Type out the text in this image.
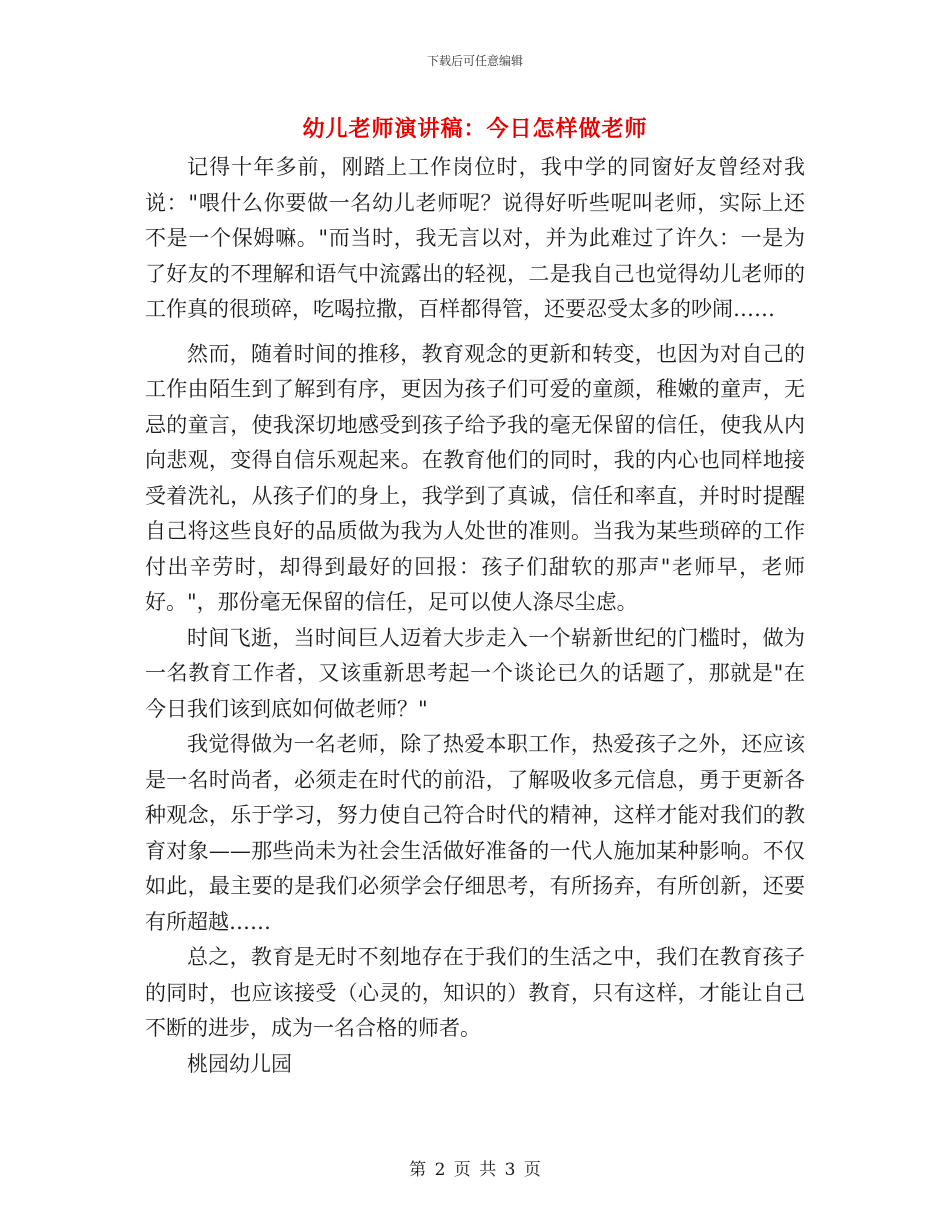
下载后可任意编辑
幼儿老师演讲稿：今日怎样做老师

记得十年多前，刚踏上工作岗位时，我中学的同窗好友曾经对我说："喂什么你要做一名幼儿老师呢？说得好听些呢叫老师，实际上还不是一个保姆嘛。"而当时，我无言以对，并为此难过了许久：一是为了好友的不理解和语气中流露出的轻视，二是我自己也觉得幼儿老师的工作真的很琐碎，吃喝拉撒，百样都得管，还要忍受太多的吵闹……

然而，随着时间的推移，教育观念的更新和转变，也因为对自己的工作由陌生到了解到有序，更因为孩子们可爱的童颜，稚嫩的童声，无忌的童言，使我深切地感受到孩子给予我的毫无保留的信任，使我从内向悲观，变得自信乐观起来。在教育他们的同时，我的内心也同样地接受着洗礼，从孩子们的身上，我学到了真诚，信任和率直，并时时提醒自己将这些良好的品质做为我为人处世的准则。当我为某些琐碎的工作付出辛劳时，却得到最好的回报：孩子们甜软的那声"老师早，老师好。"，那份毫无保留的信任，足可以使人涤尽尘虑。

时间飞逝，当时间巨人迈着大步走入一个崭新世纪的门槛时，做为一名教育工作者，又该重新思考起一个谈论已久的话题了，那就是"在今日我们该到底如何做老师？"

我觉得做为一名老师，除了热爱本职工作，热爱孩子之外，还应该是一名时尚者，必须走在时代的前沿，了解吸收多元信息，勇于更新各种观念，乐于学习，努力使自己符合时代的精神，这样才能对我们的教育对象——那些尚未为社会生活做好准备的一代人施加某种影响。不仅如此，最主要的是我们必须学会仔细思考，有所扬弃，有所创新，还要有所超越……

总之，教育是无时不刻地存在于我们的生活之中，我们在教育孩子的同时，也应该接受（心灵的，知识的）教育，只有这样，才能让自己不断的进步，成为一名合格的师者。

桃园幼儿园

第 2 页 共 3 页
